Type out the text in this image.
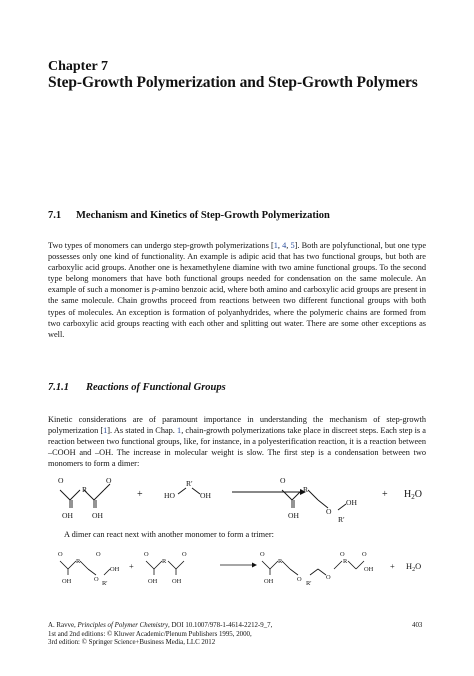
Chapter 7
Step-Growth Polymerization and Step-Growth Polymers
7.1 Mechanism and Kinetics of Step-Growth Polymerization

Two types of monomers can undergo step-growth polymerizations [1, 4, 5]. Both are polyfunctional, but one type possesses only one kind of functionality. An example is adipic acid that has two functional groups, but both are carboxylic acid groups. Another one is hexamethylene diamine with two amine functional groups. To the second type belong monomers that have both functional groups needed for condensation on the same molecule. An example of such a monomer is p-amino benzoic acid, where both amino and carboxylic acid groups are present in the same molecule. Chain growths proceed from reactions between two different functional groups with both types of molecules. An exception is formation of polyanhydrides, where the polymeric chains are formed from two carboxylic acid groups reacting with each other and splitting out water. There are some other exceptions as well.

7.1.1 Reactions of Functional Groups

Kinetic considerations are of paramount importance in understanding the mechanism of step-growth polymerization [1]. As stated in Chap. 1, chain-growth polymerizations take place in discreet steps. Each step is a reaction between two functional groups, like, for instance, in a polyesterification reaction, it is a reaction between –COOH and –OH. The increase in molecular weight is slow. The first step is a condensation between two monomers to form a dimer:

O
R
O
OH	OH
HO
R'
OH
O
R
OH	O
R'
OH
+	+ $H_2O$
A dimer can react next with another monomer to form a trimer:
O
R
O
OH	O
R'
OH
O
R
O
OH OH
O
R
OH	O
R'
O
O
R
O
OH
+	+ $H_2O$
A. Ravve, Principles of Polymer Chemistry, DOI 10.1007/978-1-4614-2212-9_7,
1st and 2nd editions: © Kluwer Academic/Plenum Publishers 1995, 2000,
3rd edition: © Springer Science+Business Media, LLC 2012
403
